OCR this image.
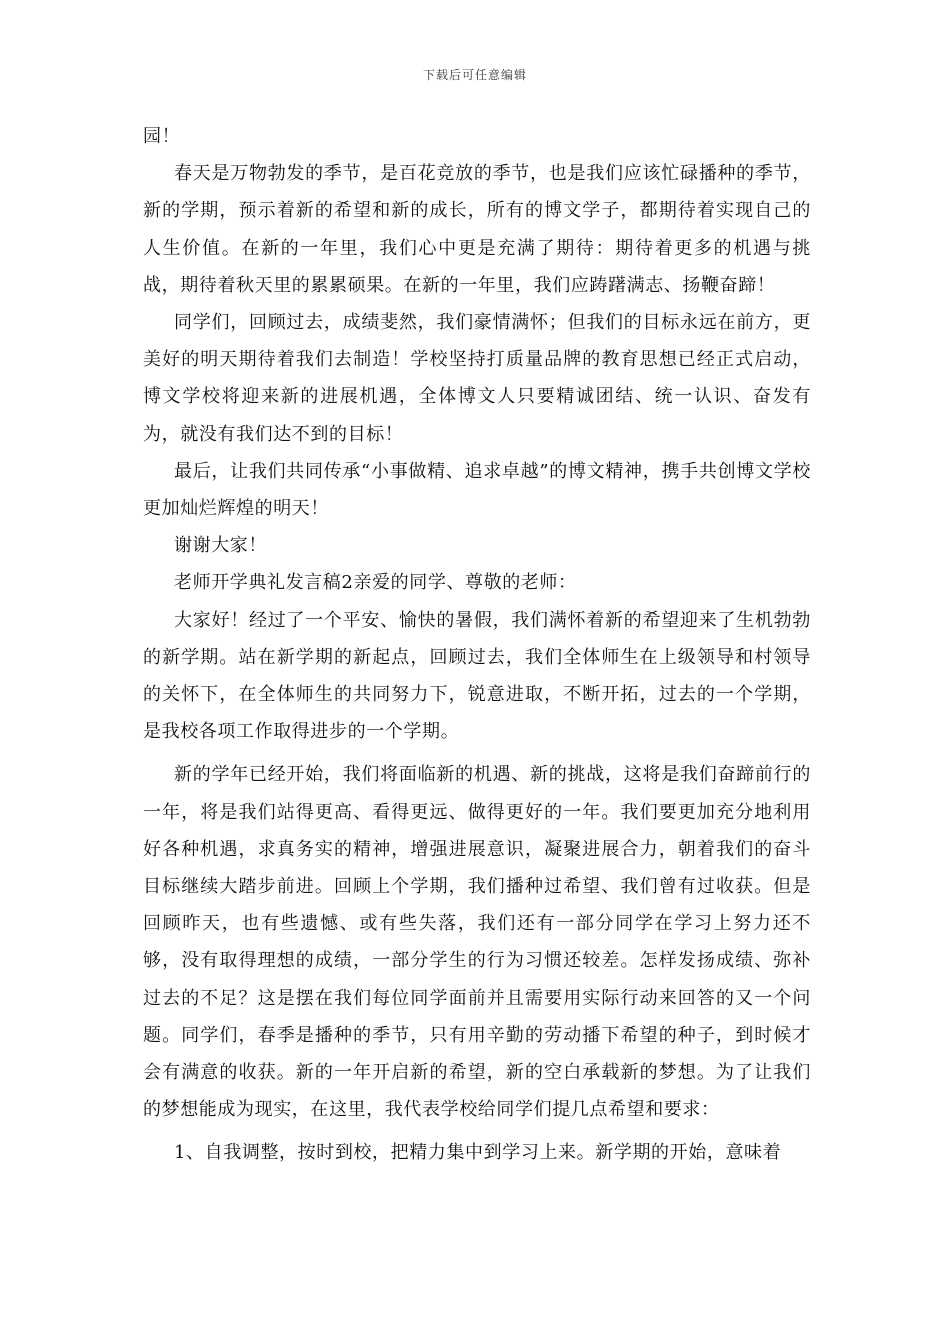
下载后可任意编辑

园！

春天是万物勃发的季节，是百花竞放的季节，也是我们应该忙碌播种的季节，新的学期，预示着新的希望和新的成长，所有的博文学子，都期待着实现自己的人生价值。在新的一年里，我们心中更是充满了期待：期待着更多的机遇与挑战，期待着秋天里的累累硕果。在新的一年里，我们应踌躇满志、扬鞭奋蹄！

同学们，回顾过去，成绩斐然，我们豪情满怀；但我们的目标永远在前方，更美好的明天期待着我们去制造！学校坚持打质量品牌的教育思想已经正式启动，博文学校将迎来新的进展机遇，全体博文人只要精诚团结、统一认识、奋发有为，就没有我们达不到的目标！

最后，让我们共同传承“小事做精、追求卓越”的博文精神，携手共创博文学校更加灿烂辉煌的明天！

谢谢大家！

老师开学典礼发言稿2亲爱的同学、尊敬的老师：

大家好！经过了一个平安、愉快的暑假，我们满怀着新的希望迎来了生机勃勃的新学期。站在新学期的新起点，回顾过去，我们全体师生在上级领导和村领导的关怀下，在全体师生的共同努力下，锐意进取，不断开拓，过去的一个学期，是我校各项工作取得进步的一个学期。

新的学年已经开始，我们将面临新的机遇、新的挑战，这将是我们奋蹄前行的一年，将是我们站得更高、看得更远、做得更好的一年。我们要更加充分地利用好各种机遇，求真务实的精神，增强进展意识，凝聚进展合力，朝着我们的奋斗目标继续大踏步前进。回顾上个学期，我们播种过希望、我们曾有过收获。但是回顾昨天，也有些遗憾、或有些失落，我们还有一部分同学在学习上努力还不够，没有取得理想的成绩，一部分学生的行为习惯还较差。怎样发扬成绩、弥补过去的不足？这是摆在我们每位同学面前并且需要用实际行动来回答的又一个问题。同学们，春季是播种的季节，只有用辛勤的劳动播下希望的种子，到时候才会有满意的收获。新的一年开启新的希望，新的空白承载新的梦想。为了让我们的梦想能成为现实，在这里，我代表学校给同学们提几点希望和要求：

1、自我调整，按时到校，把精力集中到学习上来。新学期的开始，意味着
